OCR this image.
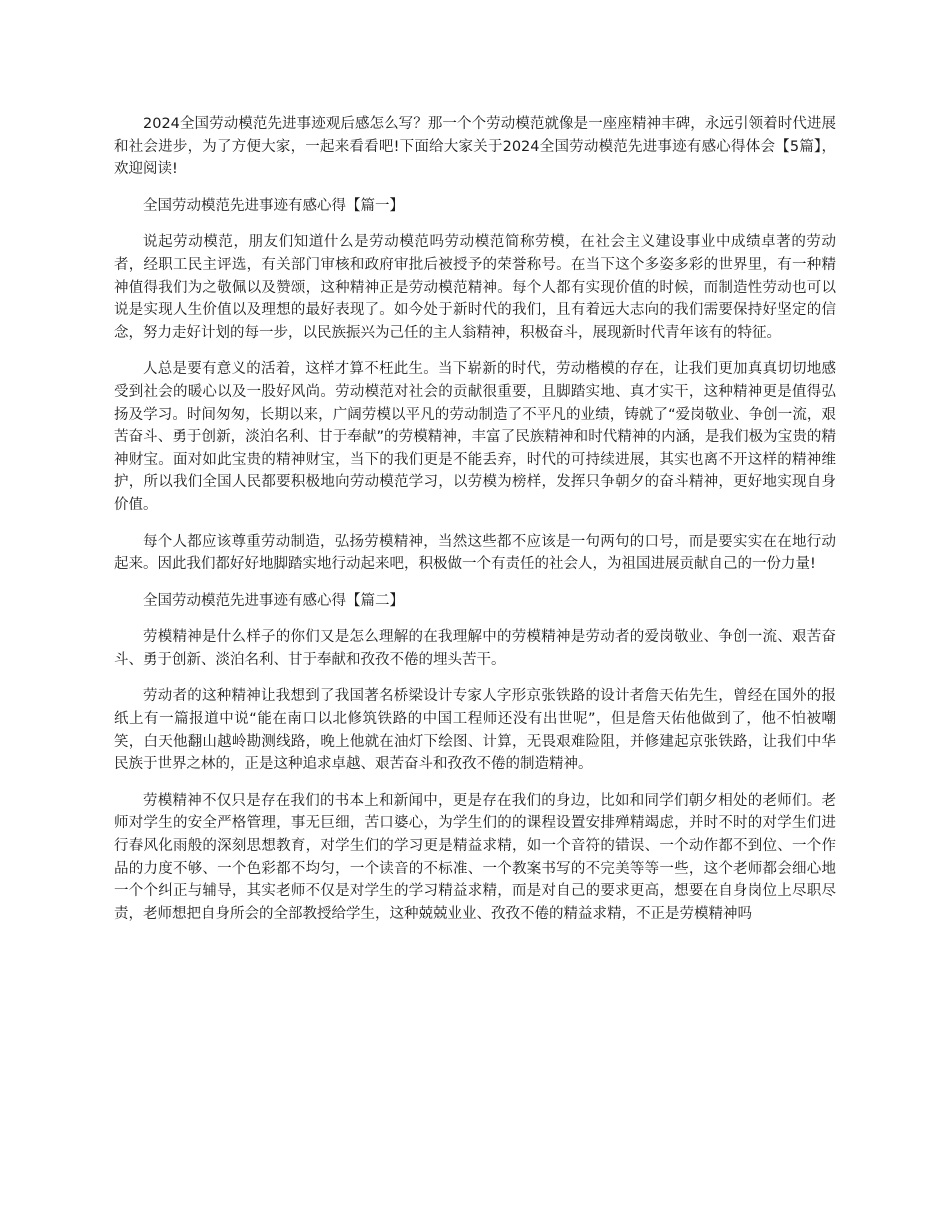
2024全国劳动模范先进事迹观后感怎么写？那一个个劳动模范就像是一座座精神丰碑，永远引领着时代进展和社会进步，为了方便大家，一起来看看吧!下面给大家关于2024全国劳动模范先进事迹有感心得体会【5篇】，欢迎阅读!

全国劳动模范先进事迹有感心得【篇一】

说起劳动模范，朋友们知道什么是劳动模范吗劳动模范简称劳模，在社会主义建设事业中成绩卓著的劳动者，经职工民主评选，有关部门审核和政府审批后被授予的荣誉称号。在当下这个多姿多彩的世界里，有一种精神值得我们为之敬佩以及赞颂，这种精神正是劳动模范精神。每个人都有实现价值的时候，而制造性劳动也可以说是实现人生价值以及理想的最好表现了。如今处于新时代的我们，且有着远大志向的我们需要保持好坚定的信念，努力走好计划的每一步，以民族振兴为己任的主人翁精神，积极奋斗，展现新时代青年该有的特征。

人总是要有意义的活着，这样才算不枉此生。当下崭新的时代，劳动楷模的存在，让我们更加真真切切地感受到社会的暖心以及一股好风尚。劳动模范对社会的贡献很重要，且脚踏实地、真才实干，这种精神更是值得弘扬及学习。时间匆匆，长期以来，广阔劳模以平凡的劳动制造了不平凡的业绩，铸就了“爱岗敬业、争创一流，艰苦奋斗、勇于创新，淡泊名利、甘于奉献”的劳模精神，丰富了民族精神和时代精神的内涵，是我们极为宝贵的精神财宝。面对如此宝贵的精神财宝，当下的我们更是不能丢弃，时代的可持续进展，其实也离不开这样的精神维护，所以我们全国人民都要积极地向劳动模范学习，以劳模为榜样，发挥只争朝夕的奋斗精神，更好地实现自身价值。

每个人都应该尊重劳动制造，弘扬劳模精神，当然这些都不应该是一句两句的口号，而是要实实在在地行动起来。因此我们都好好地脚踏实地行动起来吧，积极做一个有责任的社会人，为祖国进展贡献自己的一份力量!

全国劳动模范先进事迹有感心得【篇二】

劳模精神是什么样子的你们又是怎么理解的在我理解中的劳模精神是劳动者的爱岗敬业、争创一流、艰苦奋斗、勇于创新、淡泊名利、甘于奉献和孜孜不倦的埋头苦干。

劳动者的这种精神让我想到了我国著名桥梁设计专家人字形京张铁路的设计者詹天佑先生，曾经在国外的报纸上有一篇报道中说“能在南口以北修筑铁路的中国工程师还没有出世呢”，但是詹天佑他做到了，他不怕被嘲笑，白天他翻山越岭勘测线路，晚上他就在油灯下绘图、计算，无畏艰难险阻，并修建起京张铁路，让我们中华民族于世界之林的，正是这种追求卓越、艰苦奋斗和孜孜不倦的制造精神。

劳模精神不仅只是存在我们的书本上和新闻中，更是存在我们的身边，比如和同学们朝夕相处的老师们。老师对学生的安全严格管理，事无巨细，苦口婆心，为学生们的的课程设置安排殚精竭虑，并时不时的对学生们进行春风化雨般的深刻思想教育，对学生们的学习更是精益求精，如一个音符的错误、一个动作都不到位、一个作品的力度不够、一个色彩都不均匀，一个读音的不标准、一个教案书写的不完美等等一些，这个老师都会细心地一个个纠正与辅导，其实老师不仅是对学生的学习精益求精，而是对自己的要求更高，想要在自身岗位上尽职尽责，老师想把自身所会的全部教授给学生，这种兢兢业业、孜孜不倦的精益求精，不正是劳模精神吗
